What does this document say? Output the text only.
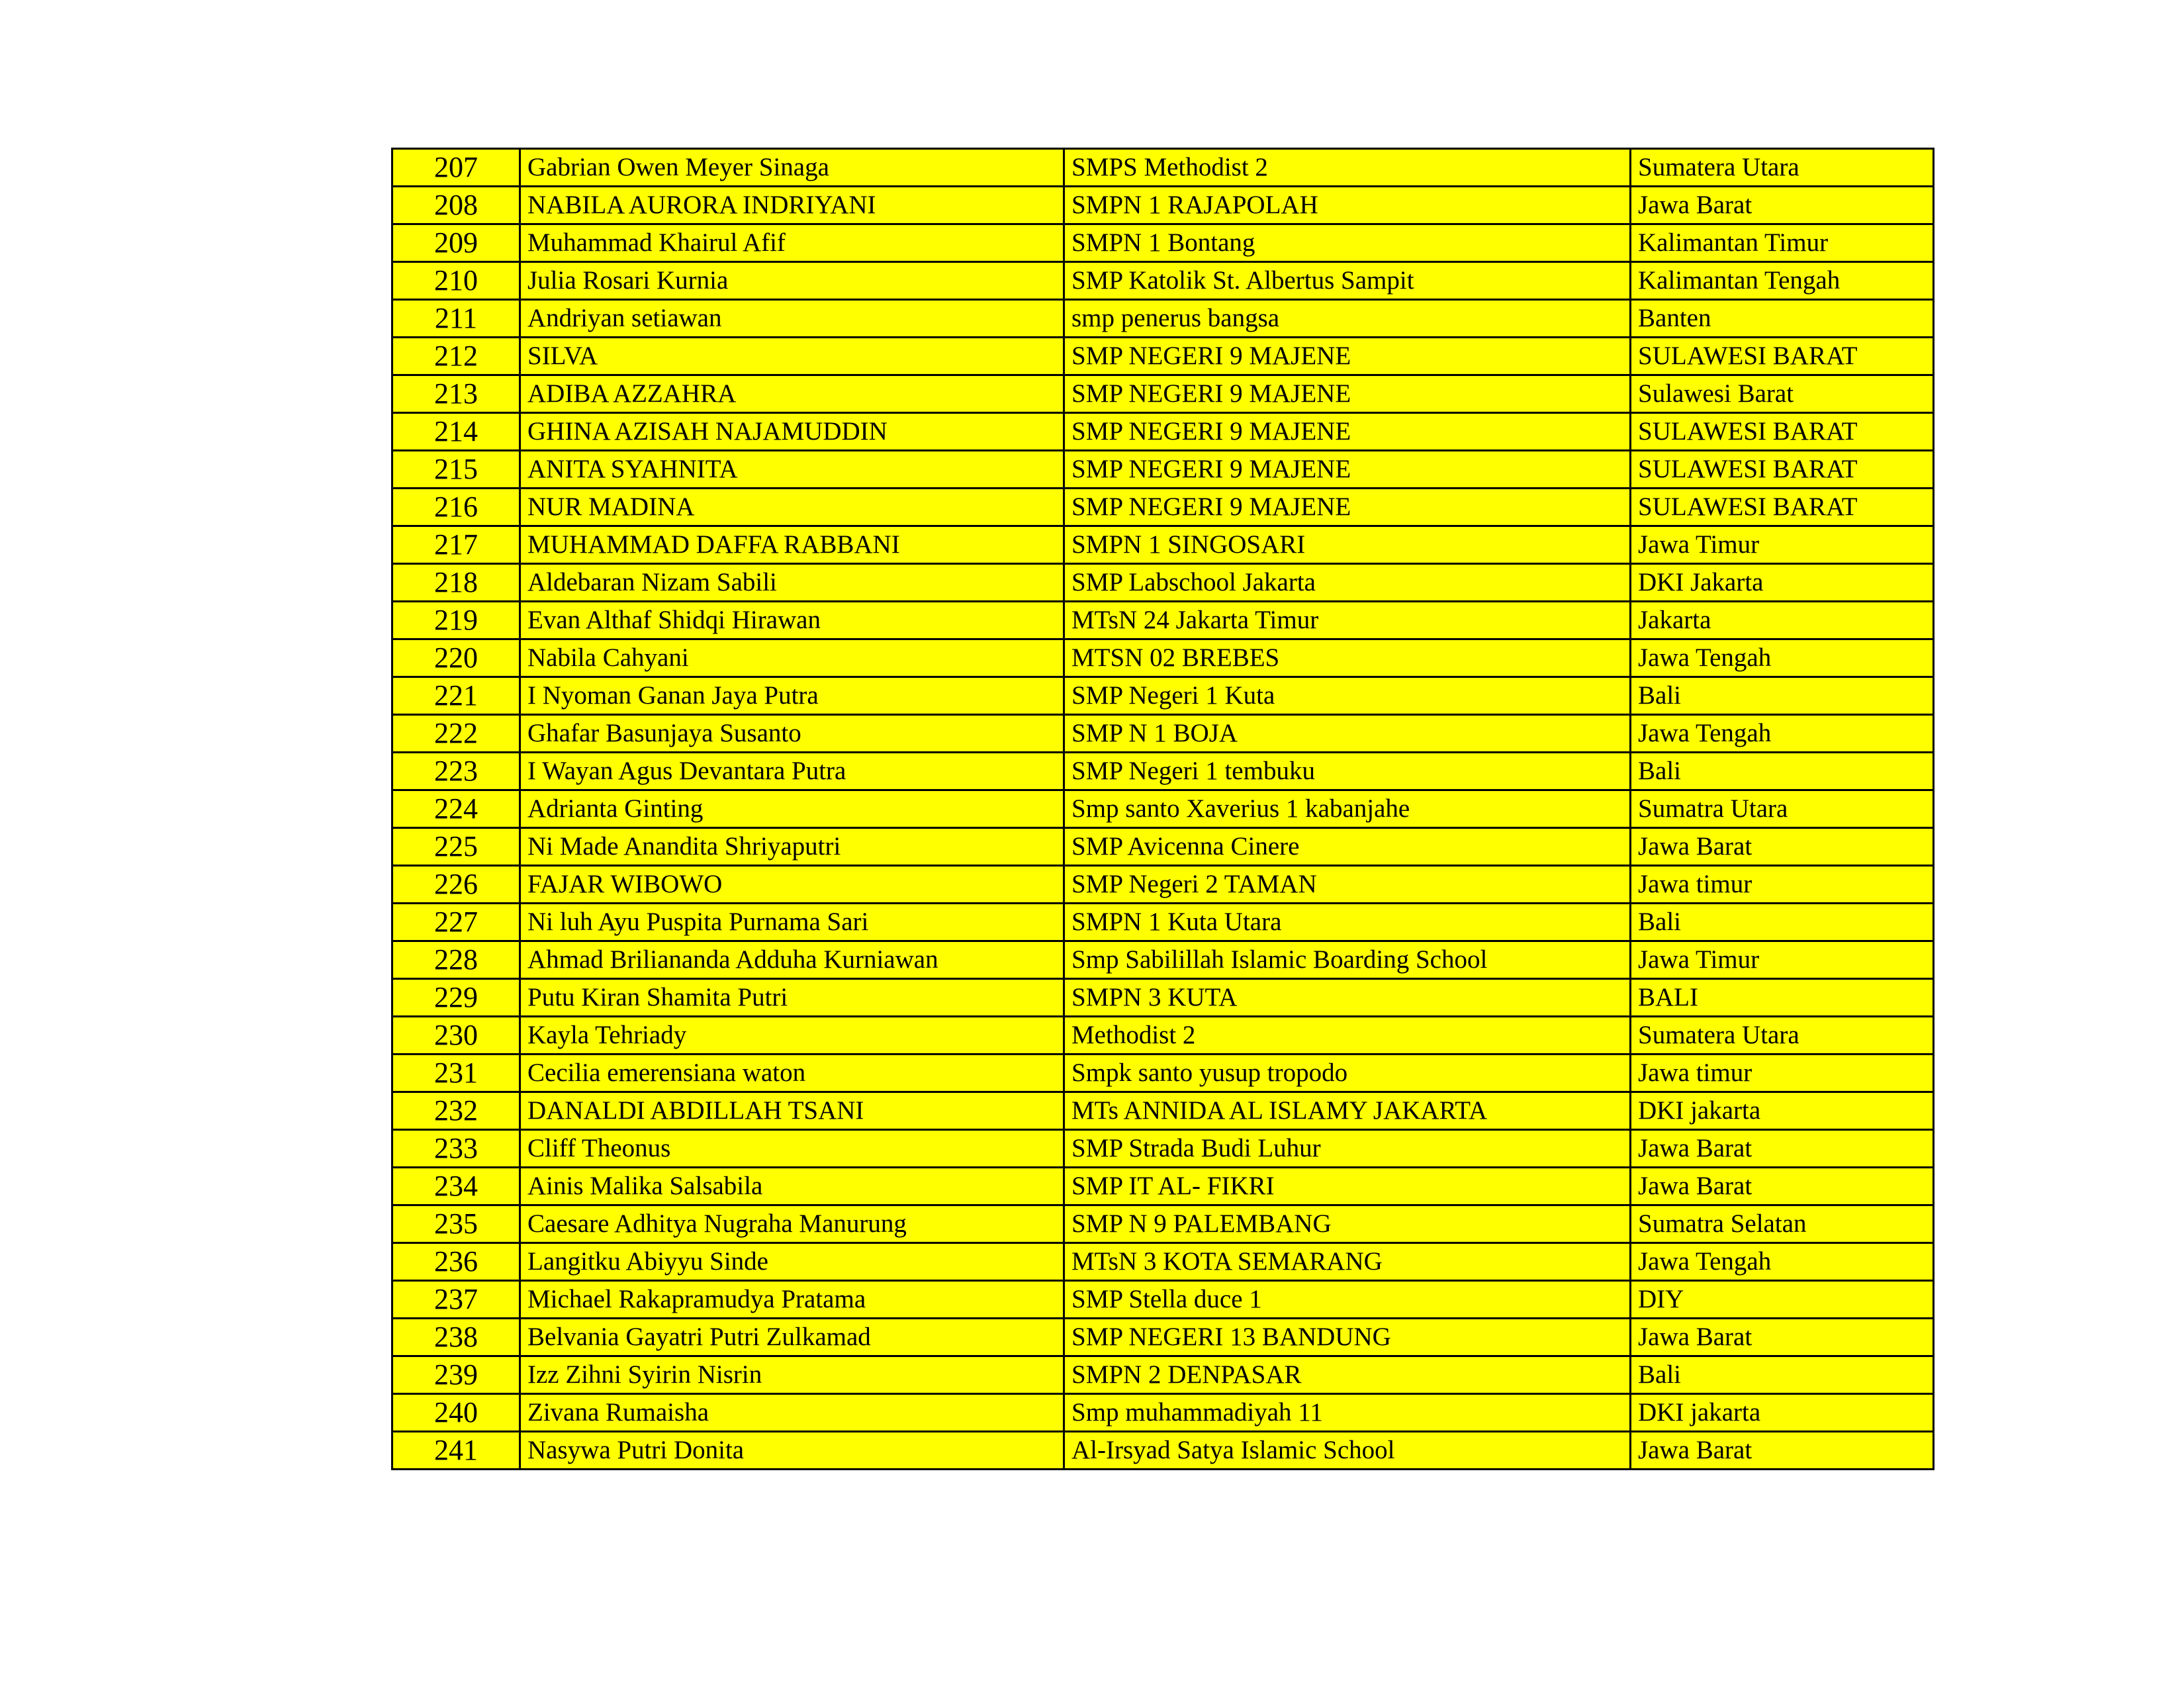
207	Gabrian Owen Meyer Sinaga	SMPS Methodist 2	Sumatera Utara
208	NABILA AURORA INDRIYANI	SMPN 1 RAJAPOLAH	Jawa Barat
209	Muhammad Khairul Afif	SMPN 1 Bontang	Kalimantan Timur
210	Julia Rosari Kurnia	SMP Katolik St. Albertus Sampit	Kalimantan Tengah
211	Andriyan setiawan	smp penerus bangsa	Banten
212	SILVA	SMP NEGERI 9 MAJENE	SULAWESI BARAT
213	ADIBA AZZAHRA	SMP NEGERI 9 MAJENE	Sulawesi Barat
214	GHINA AZISAH NAJAMUDDIN	SMP NEGERI 9 MAJENE	SULAWESI BARAT
215	ANITA SYAHNITA	SMP NEGERI 9 MAJENE	SULAWESI BARAT
216	NUR MADINA	SMP NEGERI 9 MAJENE	SULAWESI BARAT
217	MUHAMMAD DAFFA RABBANI	SMPN 1 SINGOSARI	Jawa Timur
218	Aldebaran Nizam Sabili	SMP Labschool Jakarta	DKI Jakarta
219	Evan Althaf Shidqi Hirawan	MTsN 24 Jakarta Timur	Jakarta
220	Nabila Cahyani	MTSN 02 BREBES	Jawa Tengah
221	I Nyoman Ganan Jaya Putra	SMP Negeri 1 Kuta	Bali
222	Ghafar Basunjaya Susanto	SMP N 1 BOJA	Jawa Tengah
223	I Wayan Agus Devantara Putra	SMP Negeri 1 tembuku	Bali
224	Adrianta Ginting	Smp santo Xaverius 1 kabanjahe	Sumatra Utara
225	Ni Made Anandita Shriyaputri	SMP Avicenna Cinere	Jawa Barat
226	FAJAR WIBOWO	SMP Negeri 2 TAMAN	Jawa timur
227	Ni luh Ayu Puspita Purnama Sari	SMPN 1 Kuta Utara	Bali
228	Ahmad Briliananda Adduha Kurniawan	Smp Sabilillah Islamic Boarding School	Jawa Timur
229	Putu Kiran Shamita Putri	SMPN 3 KUTA	BALI
230	Kayla Tehriady	Methodist 2	Sumatera Utara
231	Cecilia emerensiana waton	Smpk santo yusup tropodo	Jawa timur
232	DANALDI ABDILLAH TSANI	MTs ANNIDA AL ISLAMY JAKARTA	DKI jakarta
233	Cliff Theonus	SMP Strada Budi Luhur	Jawa Barat
234	Ainis Malika Salsabila	SMP IT AL- FIKRI	Jawa Barat
235	Caesare Adhitya Nugraha Manurung	SMP N 9 PALEMBANG	Sumatra Selatan
236	Langitku Abiyyu Sinde	MTsN 3 KOTA SEMARANG	Jawa Tengah
237	Michael Rakapramudya Pratama	SMP Stella duce 1	DIY
238	Belvania Gayatri Putri Zulkamad	SMP NEGERI 13 BANDUNG	Jawa Barat
239	Izz Zihni Syirin Nisrin	SMPN 2 DENPASAR	Bali
240	Zivana Rumaisha	Smp muhammadiyah 11	DKI jakarta
241	Nasywa Putri Donita	Al-Irsyad Satya Islamic School	Jawa Barat
